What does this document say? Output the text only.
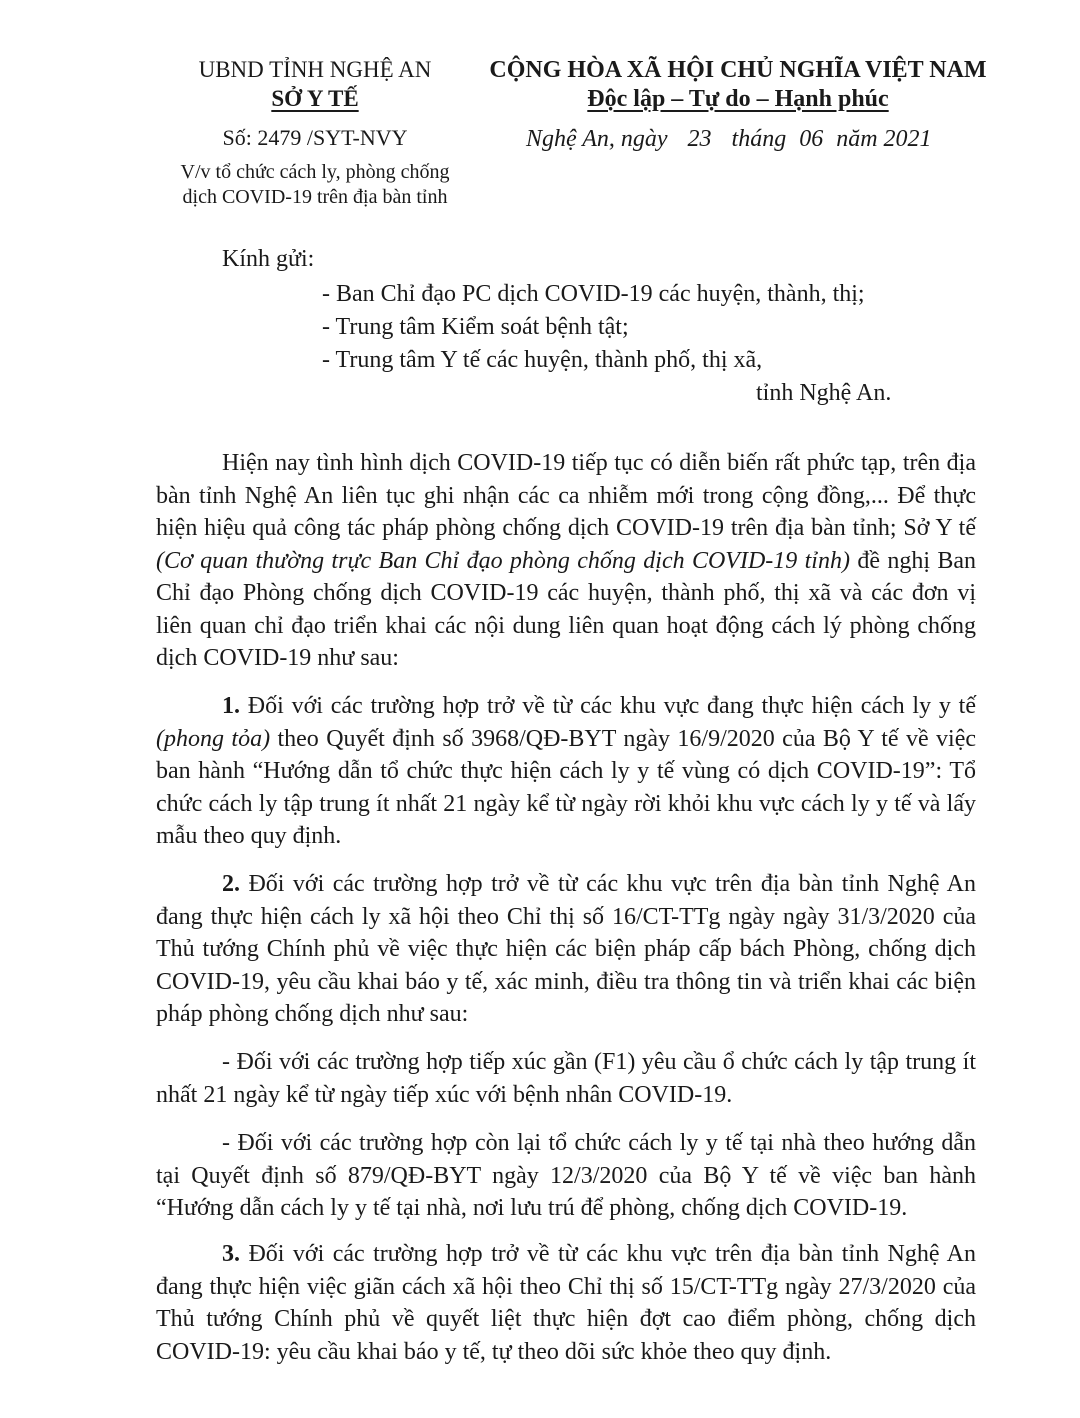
UBND TỈNH NGHỆ AN
SỞ Y TẾ
Số: 2479 /SYT-NVY
V/v tổ chức cách ly, phòng chống
dịch COVID-19 trên địa bàn tỉnh
CỘNG HÒA XÃ HỘI CHỦ NGHĨA VIỆT NAM
Độc lập – Tự do – Hạnh phúc
Nghệ An, ngày 23 tháng 06 năm 2021
Kính gửi:
- Ban Chỉ đạo PC dịch COVID-19 các huyện, thành, thị;
- Trung tâm Kiểm soát bệnh tật;
- Trung tâm Y tế các huyện, thành phố, thị xã,
tỉnh Nghệ An.
Hiện nay tình hình dịch COVID-19 tiếp tục có diễn biến rất phức tạp, trên địa bàn tỉnh Nghệ An liên tục ghi nhận các ca nhiễm mới trong cộng đồng,... Để thực hiện hiệu quả công tác pháp phòng chống dịch COVID-19 trên địa bàn tỉnh; Sở Y tế (Cơ quan thường trực Ban Chỉ đạo phòng chống dịch COVID-19 tỉnh) đề nghị Ban Chỉ đạo Phòng chống dịch COVID-19 các huyện, thành phố, thị xã và các đơn vị liên quan chỉ đạo triển khai các nội dung liên quan hoạt động cách lý phòng chống dịch COVID-19 như sau:
1. Đối với các trường hợp trở về từ các khu vực đang thực hiện cách ly y tế (phong tỏa) theo Quyết định số 3968/QĐ-BYT ngày 16/9/2020 của Bộ Y tế về việc ban hành “Hướng dẫn tổ chức thực hiện cách ly y tế vùng có dịch COVID-19”: Tổ chức cách ly tập trung ít nhất 21 ngày kể từ ngày rời khỏi khu vực cách ly y tế và lấy mẫu theo quy định.
2. Đối với các trường hợp trở về từ các khu vực trên địa bàn tỉnh Nghệ An đang thực hiện cách ly xã hội theo Chỉ thị số 16/CT-TTg ngày ngày 31/3/2020 của Thủ tướng Chính phủ về việc thực hiện các biện pháp cấp bách Phòng, chống dịch COVID-19, yêu cầu khai báo y tế, xác minh, điều tra thông tin và triển khai các biện pháp phòng chống dịch như sau:
- Đối với các trường hợp tiếp xúc gần (F1) yêu cầu ổ chức cách ly tập trung ít nhất 21 ngày kể từ ngày tiếp xúc với bệnh nhân COVID-19.
- Đối với các trường hợp còn lại tổ chức cách ly y tế tại nhà theo hướng dẫn tại Quyết định số 879/QĐ-BYT ngày 12/3/2020 của Bộ Y tế về việc ban hành “Hướng dẫn cách ly y tế tại nhà, nơi lưu trú để phòng, chống dịch COVID-19.
3. Đối với các trường hợp trở về từ các khu vực trên địa bàn tỉnh Nghệ An đang thực hiện việc giãn cách xã hội theo Chỉ thị số 15/CT-TTg ngày 27/3/2020 của Thủ tướng Chính phủ về quyết liệt thực hiện đợt cao điểm phòng, chống dịch COVID-19: yêu cầu khai báo y tế, tự theo dõi sức khỏe theo quy định.
